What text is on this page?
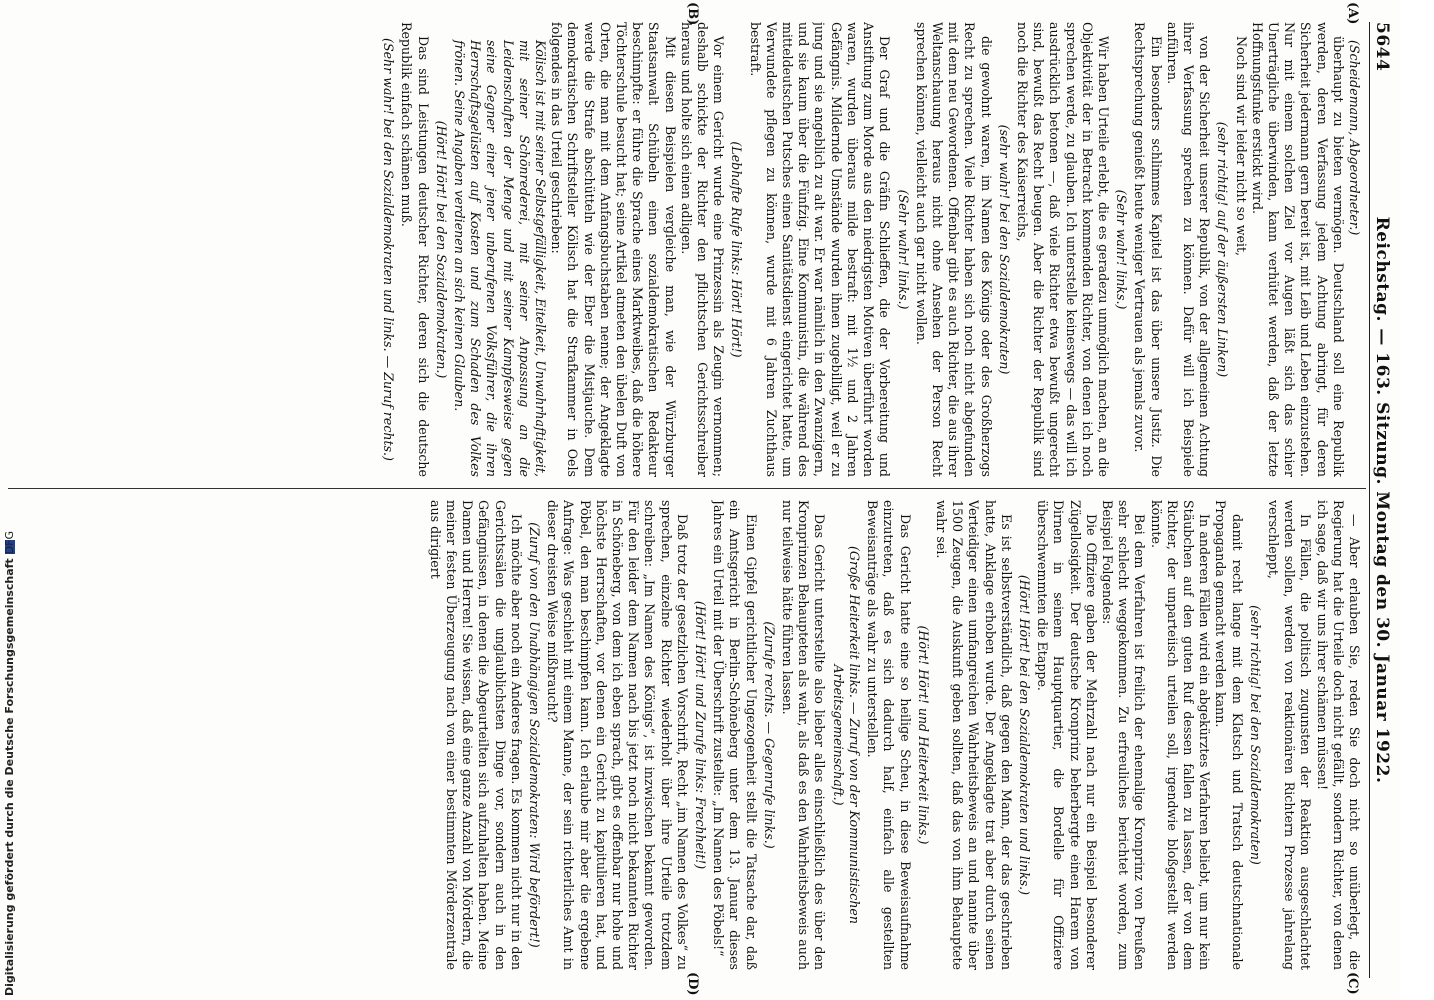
5644
Reichstag. — 163. Sitzung. Montag den 30. Januar 1922.

(Scheidemann, Abgeordneter.)

überhaupt zu bieten vermögen. Deutschland soll eine Republik werden, deren Verfassung jedem Achtung abringt, für deren Sicherheit jedermann gern bereit ist, mit Leib und Leben einzustehen. Nur mit einem solchen Ziel vor Augen läßt sich das schier Unerträgliche überwinden, kann verhütet werden, daß der letzte Hoffnungsfunke erstickt wird.

Noch sind wir leider nicht so weit,

(sehr richtig! auf der äußersten Linken)

von der Sicherheit unserer Republik, von der allgemeinen Achtung ihrer Verfassung sprechen zu können. Dafür will ich Beispiele anführen.

Ein besonders schlimmes Kapitel ist das über unsere Justiz. Die Rechtsprechung genießt heute weniger Vertrauen als jemals zuvor.

(Sehr wahr! links.)

Wir haben Urteile erlebt, die es geradezu unmöglich machen, an die Objektivität der in Betracht kommenden Richter, von denen ich noch sprechen werde, zu glauben. Ich unterstelle keineswegs — das will ich ausdrücklich betonen —, daß viele Richter etwa bewußt ungerecht sind, bewußt das Recht beugen. Aber die Richter der Republik sind noch die Richter des Kaiserreichs,

(sehr wahr! bei den Sozialdemokraten)

die gewohnt waren, im Namen des Königs oder des Großherzogs Recht zu sprechen. Viele Richter haben sich noch nicht abgefunden mit dem neu Gewordenen. Offenbar gibt es auch Richter, die aus ihrer Weltanschauung heraus nicht ohne Ansehen der Person Recht sprechen können, vielleicht auch gar nicht wollen.

(Sehr wahr! links.)

Der Graf und die Gräfin Schlieffen, die der Vorbereitung und Anstiftung zum Morde aus den niedrigsten Motiven überführt worden waren, wurden überaus milde bestraft: mit 1½ und 2 Jahren Gefängnis. Mildernde Umstände wurden ihnen zugebilligt, weil er zu jung und sie angeblich zu alt war. Er war nämlich in den Zwanzigern, und sie kaum über die Fünfzig. Eine Kommunistin, die während des mitteldeutschen Putsches einen Sanitätsdienst eingerichtet hatte, um Verwundete pflegen zu können, wurde mit 6 Jahren Zuchthaus bestraft.

(Lebhafte Rufe links: Hört! Hört!)

Vor einem Gericht wurde eine Prinzessin als Zeugin vernommen; deshalb schickte der Richter den pflichtschen Gerichtsschreiber heraus und holte sich einen adligen.

Mit diesen Beispielen vergleiche man, wie der Würzburger Staatsanwalt Schübeln einen sozialdemokratischen Redakteur beschimpfte: er führe die Sprache eines Marktweibes, daß die höhere Töchterschule besucht hat; seine Artikel atmeten den übelen Duft von Orten, die man mit dem Anfangsbuchstaben nenne; der Angeklagte werde die Strafe abschütteln wie der Eber die Mistjauche. Dem demokratischen Schriftsteller Kölisch hat die Strafkammer in Oels folgendes in das Urteil geschrieben:

Kölisch ist mit seiner Selbstgefälligkeit, Eitelkeit, Unwahrhaftigkeit, mit seiner Schönrederei, mit seiner Anpassung an die Leidenschaften der Menge und mit seiner Kampfesweise gegen seine Gegner einer jener unberufenen Volksführer, die ihren Herrschaftsgelüsten auf Kosten und zum Schaden des Volkes frönen. Seine Angaben verdienen an sich keinen Glauben.

(Hört! Hört! bei den Sozialdemokraten.)

Das sind Leistungen deutscher Richter, deren sich die deutsche Republik einfach schämen muß.

(Sehr wahr! bei den Sozialdemokraten und links. — Zuruf rechts.)

— Aber erlauben Sie, reden Sie doch nicht so unüberlegt, die Regierung hat die Urteile doch nicht gefällt, sondern Richter, von denen ich sage, daß wir uns ihrer schämen müssen!

In Fällen, die politisch zugunsten der Reaktion ausgeschlachtet werden sollen, werden von reaktionären Richtern Prozesse jahrelang verschleppt,

(sehr richtig! bei den Sozialdemokraten)

damit recht lange mit dem Klatsch und Tratsch deutschnationale Propaganda gemacht werden kann.

In anderen Fällen wird ein abgekürztes Verfahren beliebt, um nur kein Stäubchen auf den guten Ruf dessen fallen zu lassen, der von dem Richter, der unparteiisch urteilen soll, irgendwie bloßgestellt werden könnte.

Bei dem Verfahren ist freilich der ehemalige Kronprinz von Preußen sehr schlecht weggekommen. Zu erfreuliches berichtet worden, zum Beispiel Folgendes:

Die Offiziere gaben der Mehrzahl nach nur ein Beispiel besonderer Zügellosigkeit. Der deutsche Kronprinz beherbergte einen Harem von Dirnen in seinem Hauptquartier, die Bordelle für Offiziere überschwemmten die Etappe.

(Hört! Hört! bei den Sozialdemokraten und links.)

Es ist selbstverständlich, daß gegen den Mann, der das geschrieben hatte, Anklage erhoben wurde. Der Angeklagte trat aber durch seinen Verteidiger einen umfangreichen Wahrheitsbeweis an und nannte über 1500 Zeugen, die Auskunft geben sollten, daß das von ihm Behauptete wahr sei.

(Hört! Hört! und Heiterkeit links.)

Das Gericht hatte eine so heilige Scheu, in diese Beweisaufnahme einzutreten, daß es sich dadurch half, einfach alle gestellten Beweisanträge als wahr zu unterstellen.

(Große Heiterkeit links. — Zuruf von der Kommunistischen Arbeitsgemeinschaft.)

Das Gericht unterstellte also lieber alles einschließlich des über den Kronprinzen Behaupteten als wahr, als daß es den Wahrheitsbeweis auch nur teilweise hätte führen lassen.

(Zurufe rechts. — Gegenrufe links.)

Einen Gipfel gerichtlicher Ungezogenheit stellt die Tatsache dar, daß ein Amtsgericht in Berlin-Schöneberg unter dem 13. Januar dieses Jahres ein Urteil mit der Überschrift zustellte: „Im Namen des Pöbels!“

(Hört! Hört! und Zurufe links: Frechheit!)

Daß trotz der gesetzlichen Vorschrift, Recht „im Namen des Volkes“ zu sprechen, einzelne Richter wiederholt über ihre Urteile trotzdem schreiben: „Im Namen des Königs“, ist inzwischen bekannt geworden. Für den leider dem Namen nach bis jetzt noch nicht bekannten Richter in Schöneberg, von dem ich eben sprach, gibt es offenbar nur hohe und höchste Herrschaften, vor denen ein Gericht zu kapitulieren hat, und Pöbel, den man beschimpfen kann. Ich erlaube mir aber die ergebene Anfrage: Was geschieht mit einem Manne, der sein richterliches Amt in dieser dreisten Weise mißbraucht?

(Zuruf von den Unabhängigen Sozialdemokraten: Wird befördert!)

Ich möchte aber noch ein Anderes fragen. Es kommen nicht nur in den Gerichtssälen die unglaublichsten Dinge vor, sondern auch in den Gefängnissen, in denen die Abgeurteilten sich aufzuhalten haben. Meine Damen und Herren! Sie wissen, daß eine ganze Anzahl von Mördern, die meiner festen Überzeugung nach von einer bestimmten Mörderzentrale aus dirigiert

(A)
(B)
(C)
(D)
Digitalisierung gefördert durch die Deutsche ForschungsgemeinschaftDFG
